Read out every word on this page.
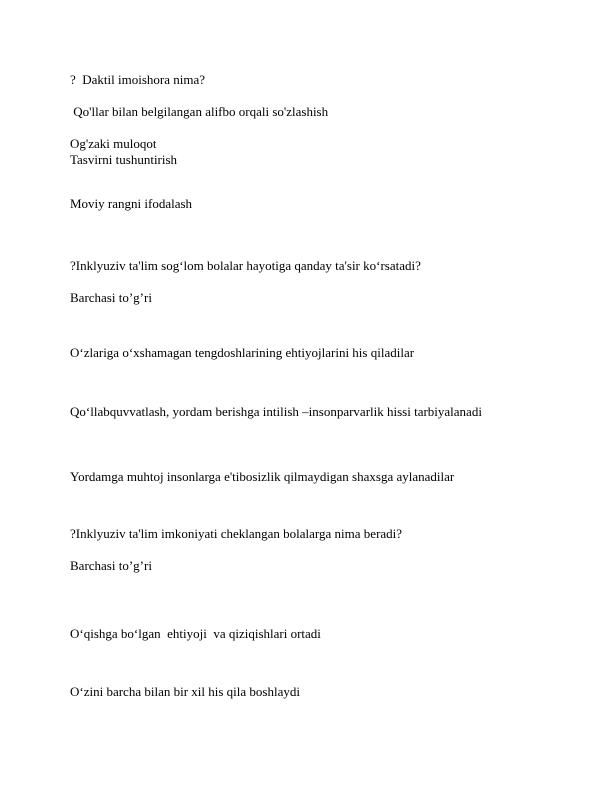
?  Daktil imoishora nima?
Qo'llar bilan belgilangan alifbo orqali so'zlashish
Og'zaki muloqot
Tasvirni tushuntirish
Moviy rangni ifodalash
?Inklyuziv ta'lim sog‘lom bolalar hayotiga qanday ta'sir ko‘rsatadi?
Barchasi to’g’ri
O‘zlariga o‘xshamagan tengdoshlarining ehtiyojlarini his qiladilar
Qo‘llabquvvatlash, yordam berishga intilish –insonparvarlik hissi tarbiyalanadi
Yordamga muhtoj insonlarga e'tibosizlik qilmaydigan shaxsga aylanadilar
?Inklyuziv ta'lim imkoniyati cheklangan bolalarga nima beradi?
Barchasi to’g’ri
O‘qishga bo‘lgan  ehtiyoji  va qiziqishlari ortadi
O‘zini barcha bilan bir xil his qila boshlaydi
